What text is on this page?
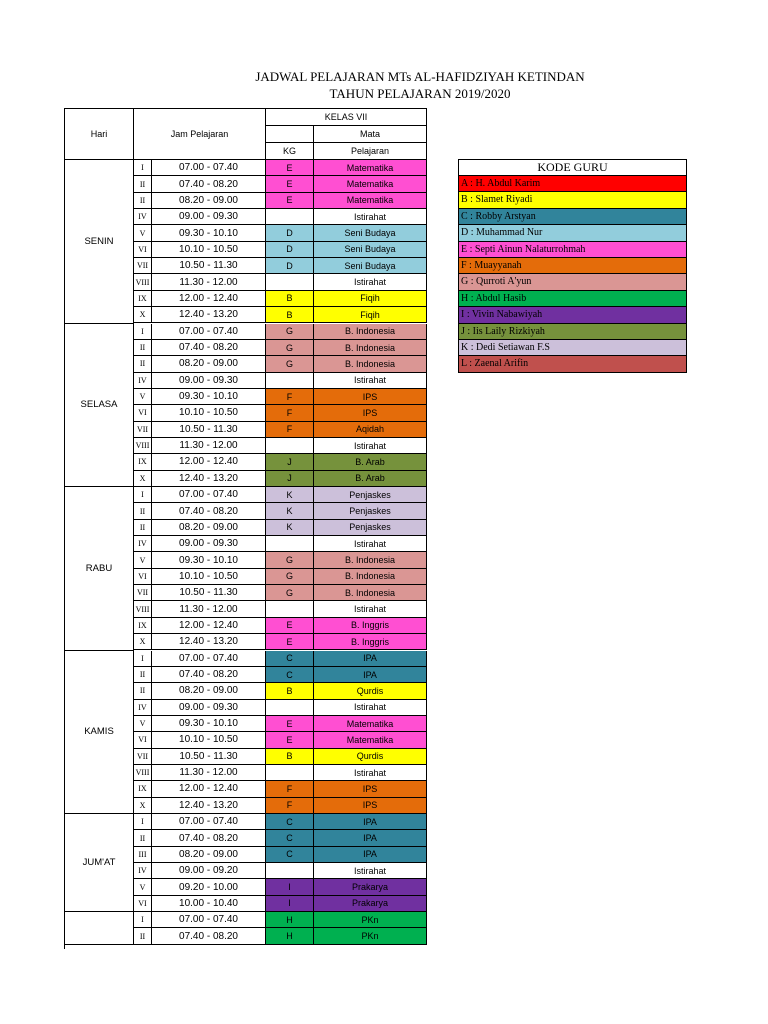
JADWAL PELAJARAN MTs AL-HAFIDZIYAH KETINDAN
TAHUN PELAJARAN 2019/2020
Hari	Jam Pelajaran
KELAS VII
Mata
KG	Pelajaran
SENIN
I	07.00 - 07.40	E	Matematika
II	07.40 - 08.20	E	Matematika
II	08.20 - 09.00	E	Matematika
IV	09.00 - 09.30	Istirahat
V	09.30 - 10.10	D	Seni Budaya
VI	10.10 - 10.50	D	Seni Budaya
VII	10.50 - 11.30	D	Seni Budaya
VIII	11.30 - 12.00	Istirahat
IX	12.00 - 12.40	B	Fiqih
X	12.40 - 13.20	B	Fiqih
SELASA
I	07.00 - 07.40	G	B. Indonesia
II	07.40 - 08.20	G	B. Indonesia
II	08.20 - 09.00	G	B. Indonesia
IV	09.00 - 09.30	Istirahat
V	09.30 - 10.10	F	IPS
VI	10.10 - 10.50	F	IPS
VII	10.50 - 11.30	F	Aqidah
VIII	11.30 - 12.00	Istirahat
IX	12.00 - 12.40	J	B. Arab
X	12.40 - 13.20	J	B. Arab
RABU
I	07.00 - 07.40	K	Penjaskes
II	07.40 - 08.20	K	Penjaskes
II	08.20 - 09.00	K	Penjaskes
IV	09.00 - 09.30	Istirahat
V	09.30 - 10.10	G	B. Indonesia
VI	10.10 - 10.50	G	B. Indonesia
VII	10.50 - 11.30	G	B. Indonesia
VIII	11.30 - 12.00	Istirahat
IX	12.00 - 12.40	E	B. Inggris
X	12.40 - 13.20	E	B. Inggris
KAMIS
I	07.00 - 07.40	C	IPA
II	07.40 - 08.20	C	IPA
II	08.20 - 09.00	B	Qurdis
IV	09.00 - 09.30	Istirahat
V	09.30 - 10.10	E	Matematika
VI	10.10 - 10.50	E	Matematika
VII	10.50 - 11.30	B	Qurdis
VIII	11.30 - 12.00	Istirahat
IX	12.00 - 12.40	F	IPS
X	12.40 - 13.20	F	IPS
JUM'AT
I	07.00 - 07.40	C	IPA
II	07.40 - 08.20	C	IPA
III	08.20 - 09.00	C	IPA
IV	09.00 - 09.20	Istirahat
V	09.20 - 10.00	I	Prakarya
VI	10.00 - 10.40	I	Prakarya
I	07.00 - 07.40	H	PKn
II	07.40 - 08.20	H	PKn
KODE GURU
A : H. Abdul Karim
B : Slamet Riyadi
C : Robby Arstyan
D : Muhammad Nur
E : Septi Ainun Nalaturrohmah
F : Muayyanah
G : Qurroti A'yun
H : Abdul Hasib
I : Vivin Nabawiyah
J : Iis Laily Rizkiyah
K : Dedi Setiawan F.S
L : Zaenal Arifin
